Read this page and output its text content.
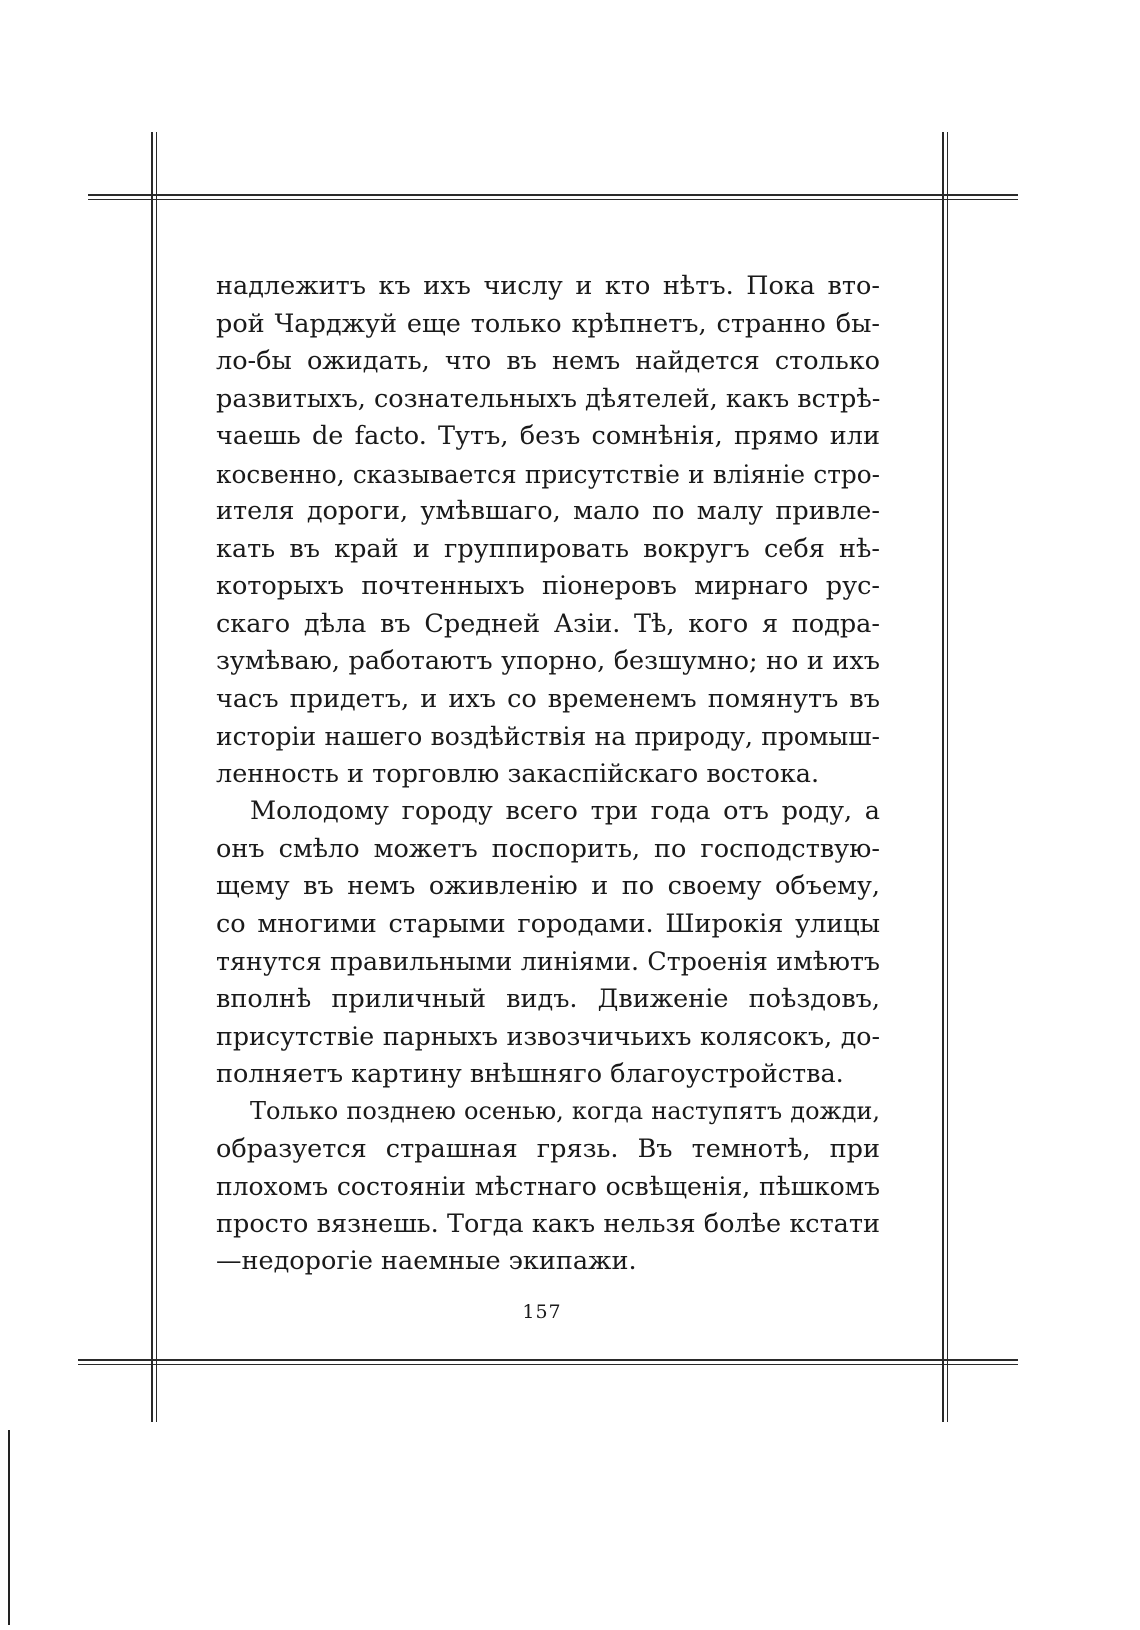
надлежитъ къ ихъ числу и кто нѣтъ. Пока вто-
рой Чарджуй еще только крѣпнетъ, странно бы-
ло-бы ожидать, что въ немъ найдется столько
развитыхъ, сознательныхъ дѣятелей, какъ встрѣ-
чаешь de facto. Тутъ, безъ сомнѣнія, прямо или
косвенно, сказывается присутствіе и вліяніе стро-
ителя дороги, умѣвшаго, мало по малу привле-
кать въ край и группировать вокругъ себя нѣ-
которыхъ почтенныхъ піонеровъ мирнаго рус-
скаго дѣла въ Средней Азіи. Тѣ, кого я подра-
зумѣваю, работаютъ упорно, безшумно; но и ихъ
часъ придетъ, и ихъ со временемъ помянутъ въ
исторіи нашего воздѣйствія на природу, промыш-
ленность и торговлю закаспійскаго востока.

Молодому городу всего три года отъ роду, а
онъ смѣло можетъ поспорить, по господствую-
щему въ немъ оживленію и по своему объему,
со многими старыми городами. Широкія улицы
тянутся правильными линіями. Строенія имѣютъ
вполнѣ приличный видъ. Движеніе поѣздовъ,
присутствіе парныхъ извозчичьихъ колясокъ, до-
полняетъ картину внѣшняго благоустройства.

Только позднею осенью, когда наступятъ дожди,
образуется страшная грязь. Въ темнотѣ, при
плохомъ состояніи мѣстнаго освѣщенія, пѣшкомъ
просто вязнешь. Тогда какъ нельзя болѣе кстати
—недорогіе наемные экипажи.

157
